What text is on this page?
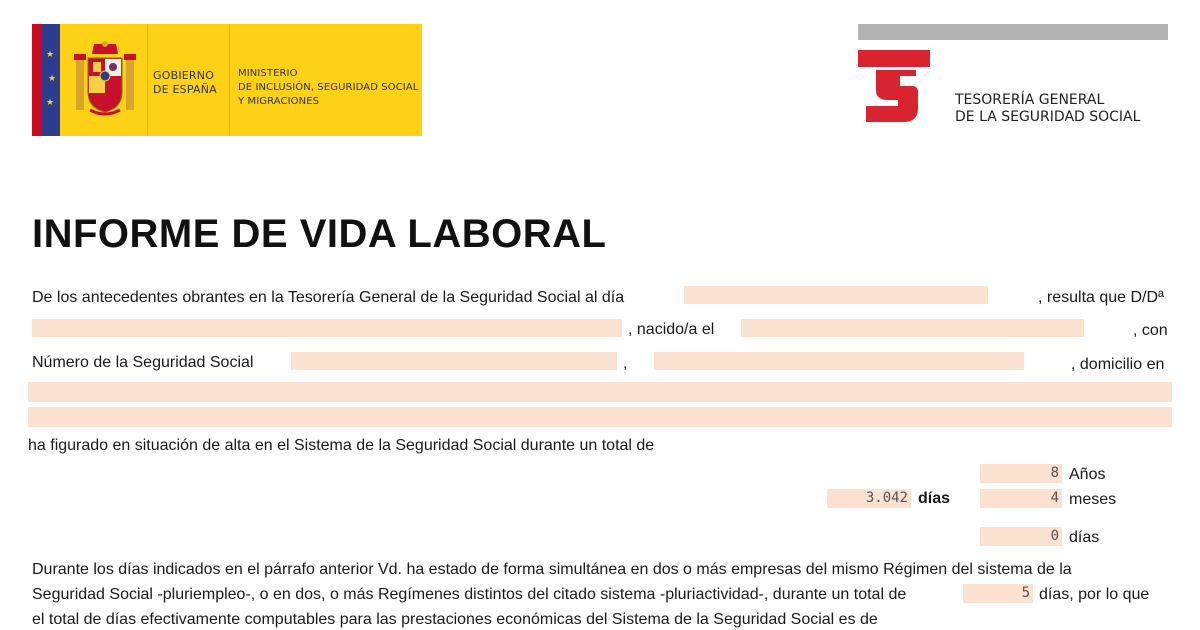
★
★
★
GOBIERNO
DE ESPAÑA
MINISTERIO
DE INCLUSIÓN, SEGURIDAD SOCIAL
Y MIGRACIONES	TESORERÍA GENERAL
DE LA SEGURIDAD SOCIAL
INFORME DE VIDA LABORAL
De los antecedentes obrantes en la Tesorería General de la Seguridad Social al día	, resulta que D/Dª
, nacido/a el	, con
Número de la Seguridad Social	,	, domicilio en
ha figurado en situación de alta en el Sistema de la Seguridad Social durante un total de
8 Años
3.042 días	4 meses
0 días
Durante los días indicados en el párrafo anterior Vd. ha estado de forma simultánea en dos o más empresas del mismo Régimen del sistema de la
Seguridad Social -pluriempleo-, o en dos, o más Regímenes distintos del citado sistema -pluriactividad-, durante un total de	5 días, por lo que
el total de días efectivamente computables para las prestaciones económicas del Sistema de la Seguridad Social es de
